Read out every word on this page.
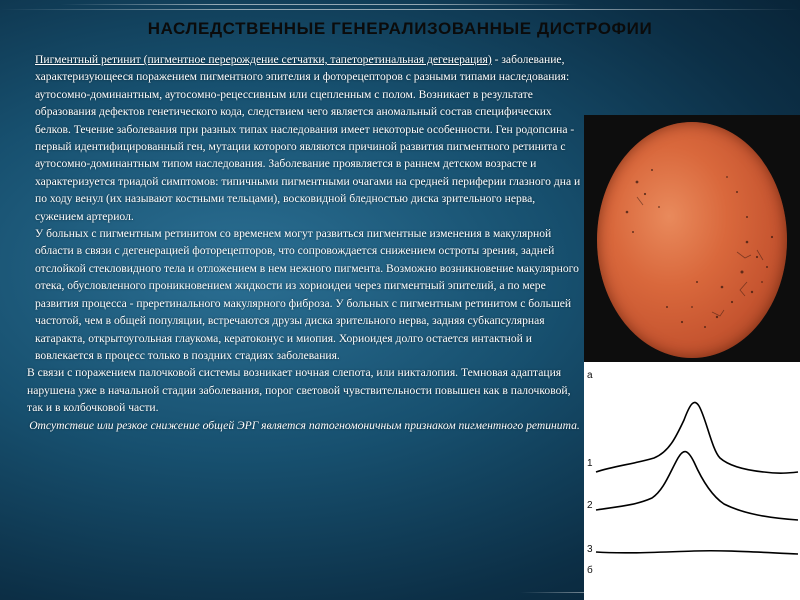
НАСЛЕДСТВЕННЫЕ ГЕНЕРАЛИЗОВАННЫЕ ДИСТРОФИИ

Пигментный ретинит (пигментное перерождение сетчатки, тапеторетинальная дегенерация) - заболевание, характеризующееся поражением пигментного эпителия и фоторецепторов с разными типами наследования: аутосомно-доминантным, аутосомно-рецессивным или сцепленным с полом. Возникает в результате образования дефектов генетического кода, следствием чего является аномальный состав специфических белков. Течение заболевания при разных типах наследования имеет некоторые особенности. Ген родопсина - первый идентифицированный ген, мутации которого являются причиной развития пигментного ретинита с аутосомно-доминантным типом наследования. Заболевание проявляется в раннем детском возрасте и характеризуется триадой симптомов: типичными пигментными очагами на средней периферии глазного дна и по ходу венул (их называют костными тельцами), восковидной бледностью диска зрительного нерва, сужением артериол.

У больных с пигментным ретинитом со временем могут развиться пигментные изменения в макулярной области в связи с дегенерацией фоторецепторов, что сопровождается снижением остроты зрения, задней отслойкой стекловидного тела и отложением в нем нежного пигмента. Возможно возникновение макулярного отека, обусловленного проникновением жидкости из хориоидеи через пигментный эпителий, а по мере развития процесса - преретинального макулярного фиброза. У больных с пигментным ретинитом с большей частотой, чем в общей популяции, встречаются друзы диска зрительного нерва, задняя субкапсулярная катаракта, открытоугольная глаукома, кератоконус и миопия. Хориоидея долго остается интактной и вовлекается в процесс только в поздних стадиях заболевания.

В связи с поражением палочковой системы возникает ночная слепота, или никталопия. Темновая адаптация нарушена уже в начальной стадии заболевания, порог световой чувствительности повышен как в палочковой, так и в колбочковой части.

Отсутствие или резкое снижение общей ЭРГ является патогномоничным признаком пигментного ретинита.

а
1
2
3
б
